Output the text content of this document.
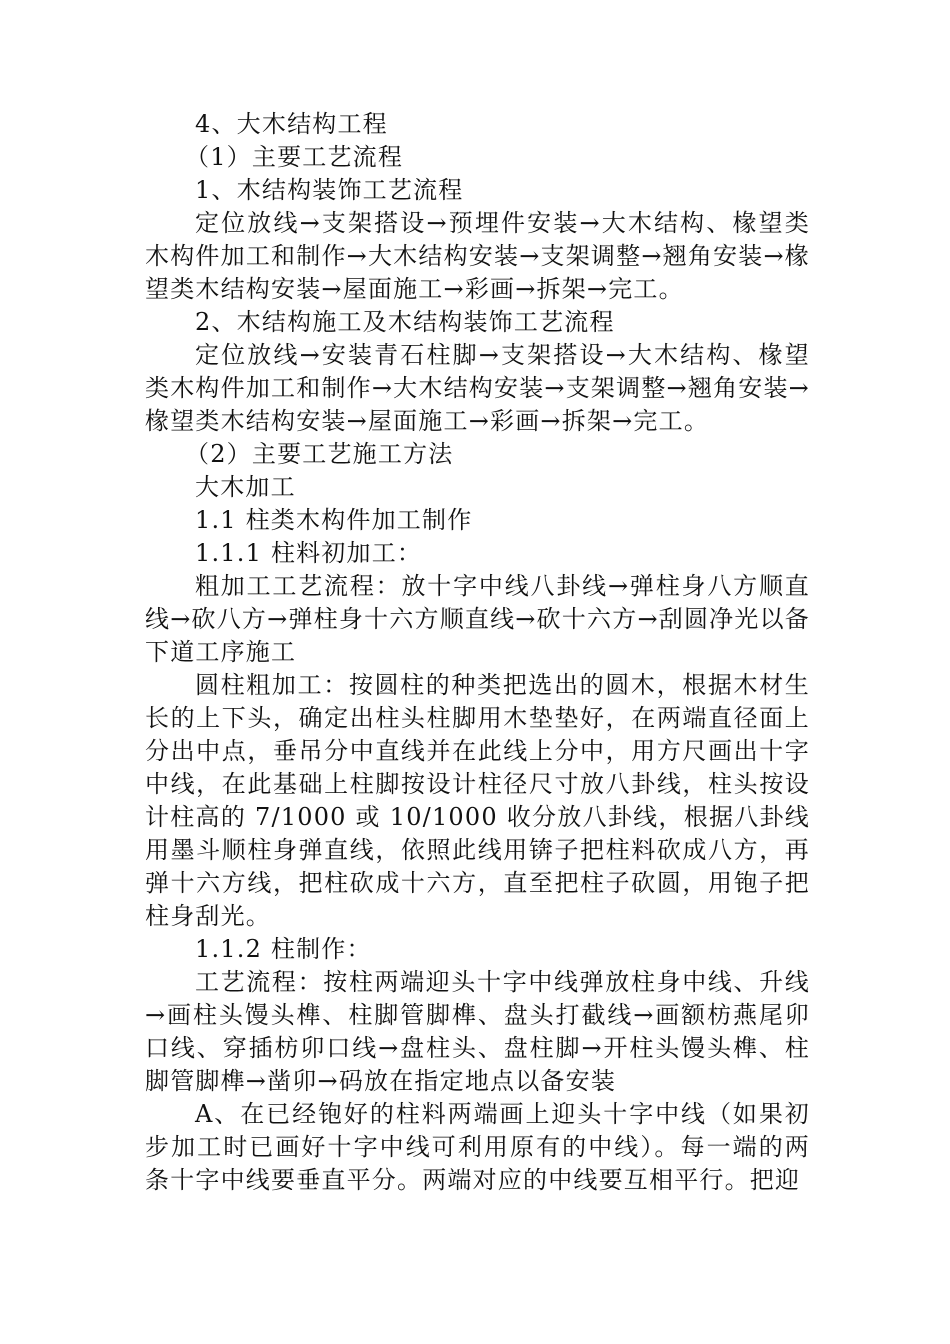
4、大木结构工程

（1）主要工艺流程

1、木结构装饰工艺流程

定位放线→支架搭设→预埋件安装→大木结构、椽望类木构件加工和制作→大木结构安装→支架调整→翘角安装→椽望类木结构安装→屋面施工→彩画→拆架→完工。

2、木结构施工及木结构装饰工艺流程

定位放线→安装青石柱脚→支架搭设→大木结构、椽望类木构件加工和制作→大木结构安装→支架调整→翘角安装→椽望类木结构安装→屋面施工→彩画→拆架→完工。

（2）主要工艺施工方法

大木加工

1.1 柱类木构件加工制作

1.1.1 柱料初加工：

粗加工工艺流程：放十字中线八卦线→弹柱身八方顺直线→砍八方→弹柱身十六方顺直线→砍十六方→刮圆净光以备下道工序施工

圆柱粗加工：按圆柱的种类把选出的圆木，根据木材生长的上下头，确定出柱头柱脚用木垫垫好，在两端直径面上分出中点，垂吊分中直线并在此线上分中，用方尺画出十字中线，在此基础上柱脚按设计柱径尺寸放八卦线，柱头按设计柱高的 7/1000 或 10/1000 收分放八卦线，根据八卦线用墨斗顺柱身弹直线，依照此线用锛子把柱料砍成八方，再弹十六方线，把柱砍成十六方，直至把柱子砍圆，用铇子把柱身刮光。

1.1.2 柱制作：

工艺流程：按柱两端迎头十字中线弹放柱身中线、升线→画柱头馒头榫、柱脚管脚榫、盘头打截线→画额枋燕尾卯口线、穿插枋卯口线→盘柱头、盘柱脚→开柱头馒头榫、柱脚管脚榫→凿卯→码放在指定地点以备安装

A、在已经铇好的柱料两端画上迎头十字中线（如果初步加工时已画好十字中线可利用原有的中线）。每一端的两条十字中线要垂直平分。两端对应的中线要互相平行。把迎
